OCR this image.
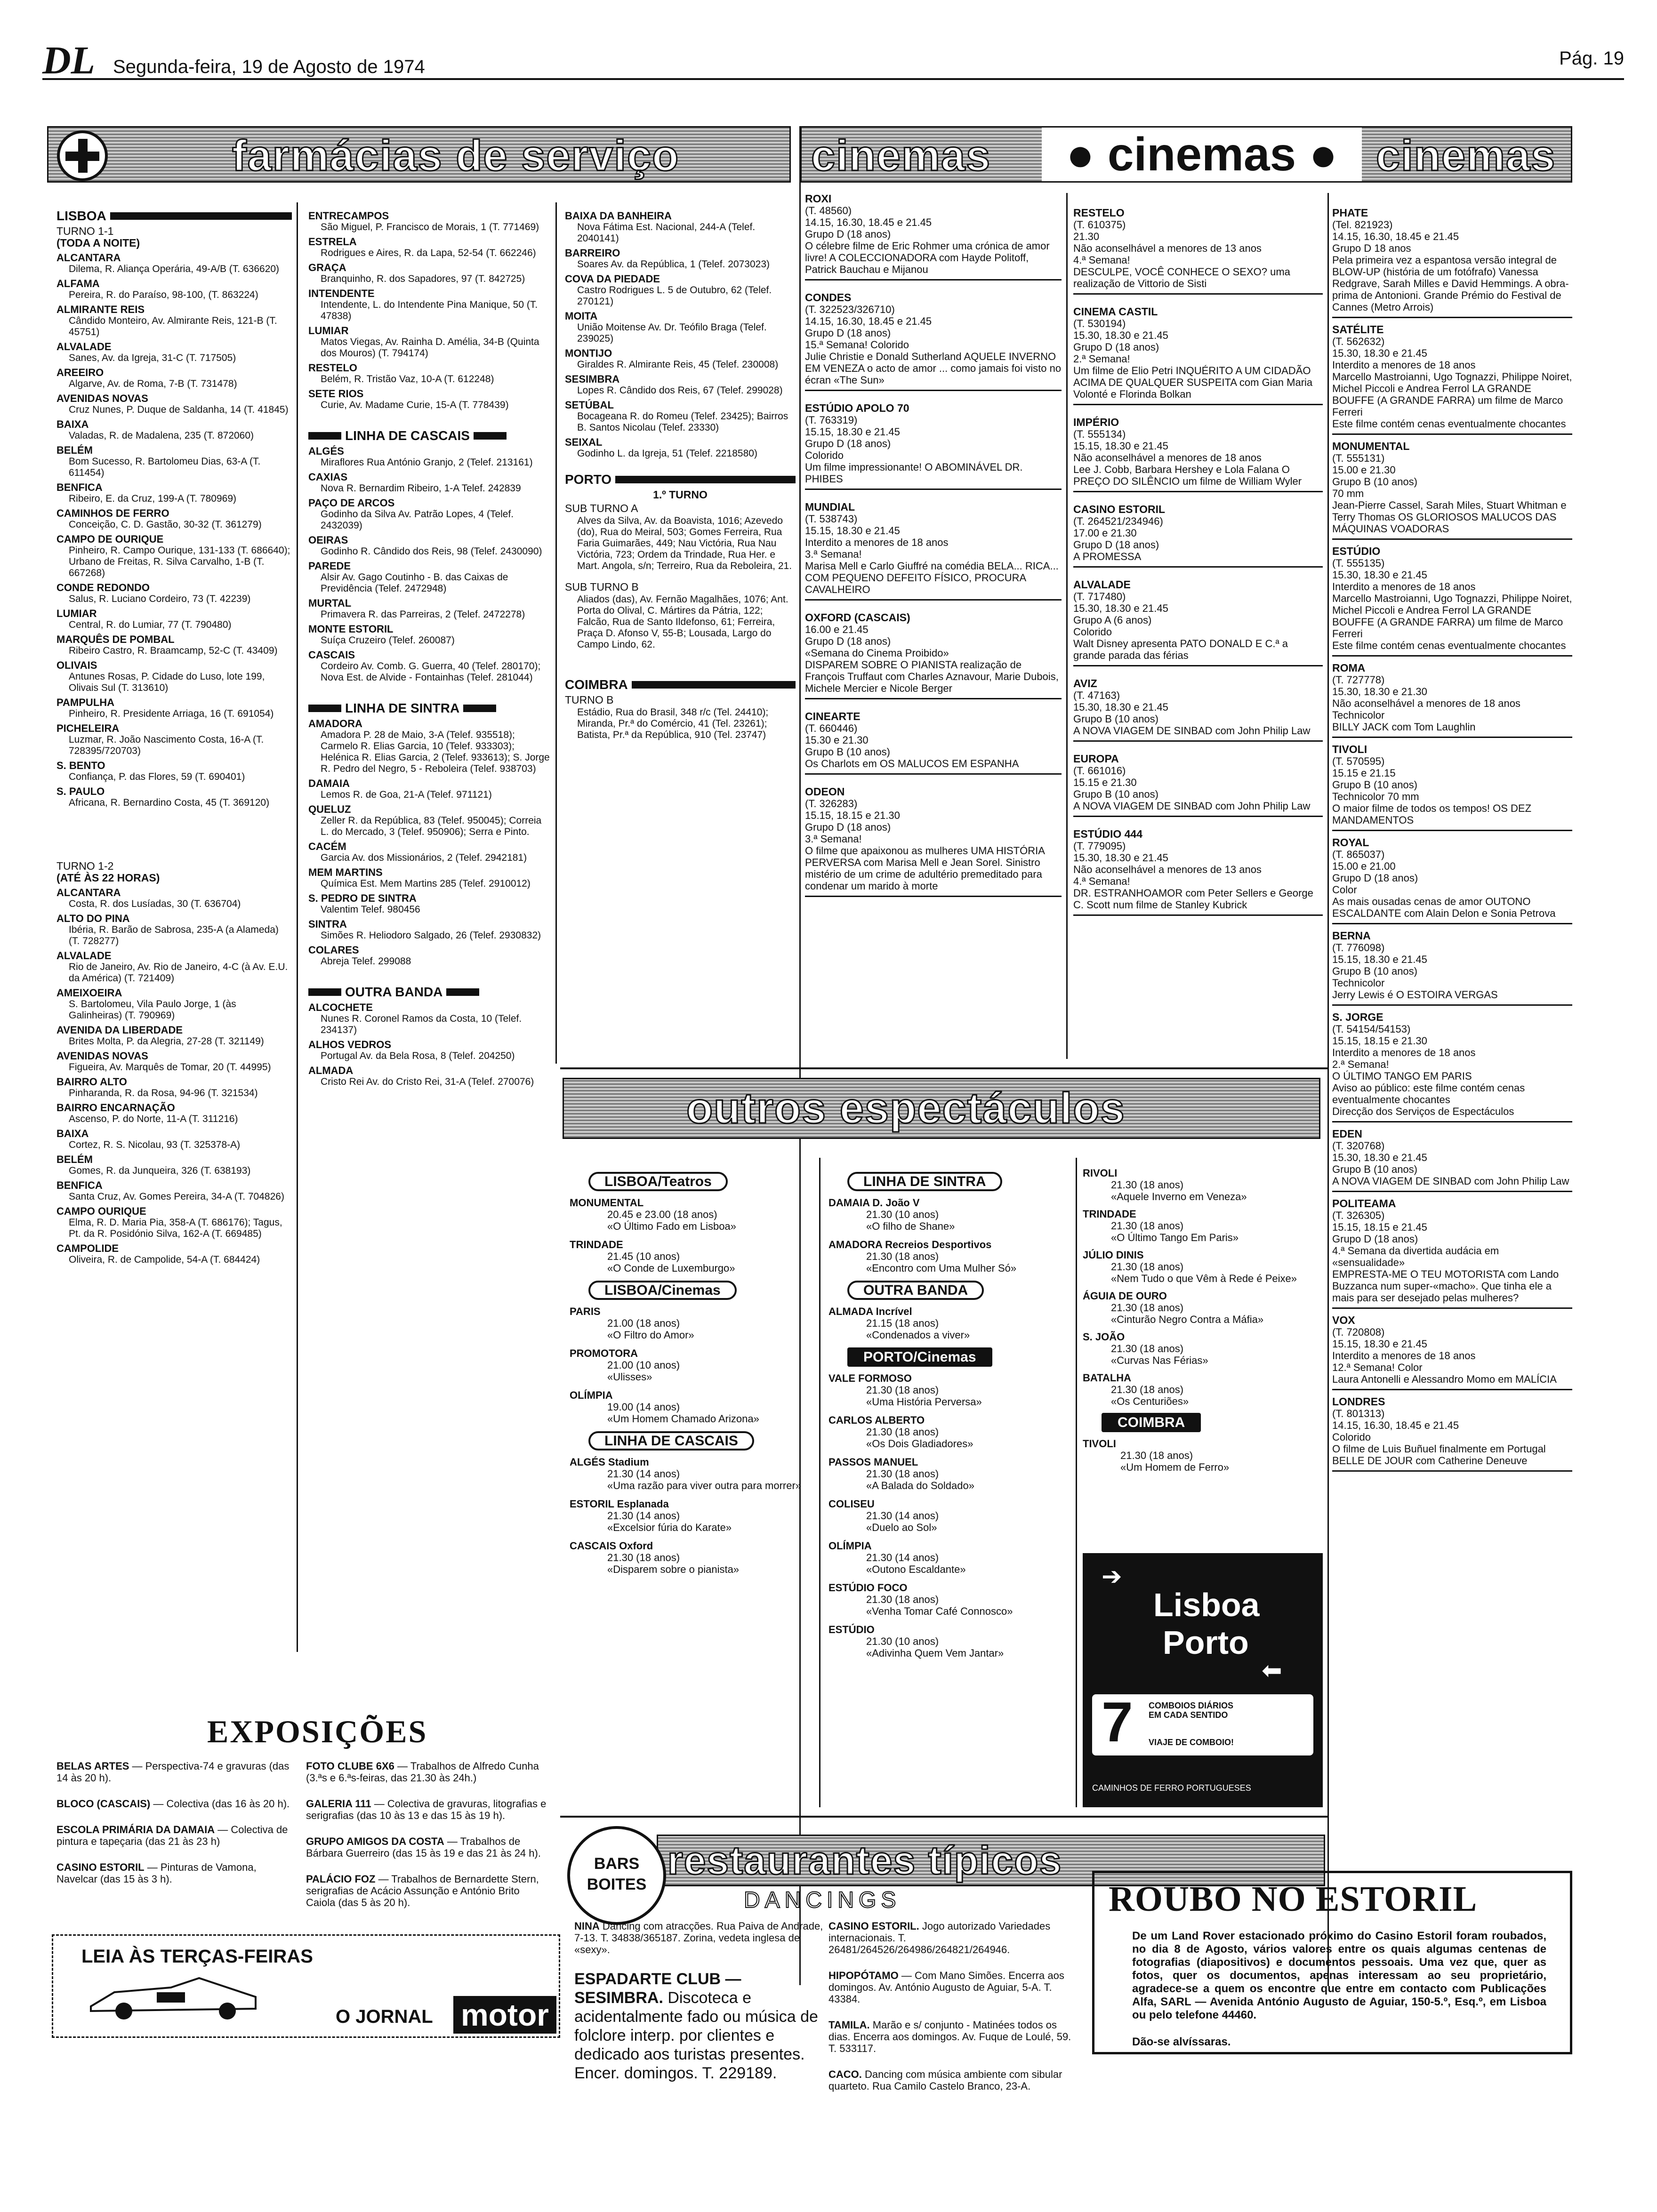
DL Segunda-feira, 19 de Agosto de 1974	Pág. 19
farmácias de serviço	cinemas	● cinemas ● cinemas
LISBOA
TURNO 1-1
(TODA A NOITE)
ALCANTARA
Dilema, R. Aliança Operária, 49-A/B (T. 636620)
ALFAMA
Pereira, R. do Paraíso, 98-100, (T. 863224)
ALMIRANTE REIS
Cândido Monteiro, Av. Almirante Reis, 121-B (T. 45751)
ALVALADE
Sanes, Av. da Igreja, 31-C (T. 717505)
AREEIRO
Algarve, Av. de Roma, 7-B (T. 731478)
AVENIDAS NOVAS
Cruz Nunes, P. Duque de Saldanha, 14 (T. 41845)
BAIXA
Valadas, R. de Madalena, 235 (T. 872060)
BELÉM
Bom Sucesso, R. Bartolomeu Dias, 63-A (T. 611454)
BENFICA
Ribeiro, E. da Cruz, 199-A (T. 780969)
CAMINHOS DE FERRO
Conceição, C. D. Gastão, 30-32 (T. 361279)
CAMPO DE OURIQUE
Pinheiro, R. Campo Ourique, 131-133 (T. 686640); Urbano de Freitas, R. Silva Carvalho, 1-B (T. 667268)
CONDE REDONDO
Salus, R. Luciano Cordeiro, 73 (T. 42239)
LUMIAR
Central, R. do Lumiar, 77 (T. 790480)
MARQUÊS DE POMBAL
Ribeiro Castro, R. Braamcamp, 52-C (T. 43409)
OLIVAIS
Antunes Rosas, P. Cidade do Luso, lote 199, Olivais Sul (T. 313610)
PAMPULHA
Pinheiro, R. Presidente Arriaga, 16 (T. 691054)
PICHELEIRA
Luzmar, R. João Nascimento Costa, 16-A (T. 728395/720703)
S. BENTO
Confiança, P. das Flores, 59 (T. 690401)
S. PAULO
Africana, R. Bernardino Costa, 45 (T. 369120)
TURNO 1-2
(ATÉ ÀS 22 HORAS)
ALCANTARA
Costa, R. dos Lusíadas, 30 (T. 636704)
ALTO DO PINA
Ibéria, R. Barão de Sabrosa, 235-A (a Alameda) (T. 728277)
ALVALADE
Rio de Janeiro, Av. Rio de Janeiro, 4-C (à Av. E.U. da América) (T. 721409)
AMEIXOEIRA
S. Bartolomeu, Vila Paulo Jorge, 1 (às Galinheiras) (T. 790969)
AVENIDA DA LIBERDADE
Brites Molta, P. da Alegria, 27-28 (T. 321149)
AVENIDAS NOVAS
Figueira, Av. Marquês de Tomar, 20 (T. 44995)
BAIRRO ALTO
Pinharanda, R. da Rosa, 94-96 (T. 321534)
BAIRRO ENCARNAÇÃO
Ascenso, P. do Norte, 11-A (T. 311216)
BAIXA
Cortez, R. S. Nicolau, 93 (T. 325378-A)
BELÉM
Gomes, R. da Junqueira, 326 (T. 638193)
BENFICA
Santa Cruz, Av. Gomes Pereira, 34-A (T. 704826)
CAMPO OURIQUE
Elma, R. D. Maria Pia, 358-A (T. 686176); Tagus, Pt. da R. Posidónio Silva, 162-A (T. 669485)
CAMPOLIDE
Oliveira, R. de Campolide, 54-A (T. 684424)
ENTRECAMPOS
São Miguel, P. Francisco de Morais, 1 (T. 771469)
ESTRELA
Rodrigues e Aires, R. da Lapa, 52-54 (T. 662246)
GRAÇA
Branquinho, R. dos Sapadores, 97 (T. 842725)
INTENDENTE
Intendente, L. do Intendente Pina Manique, 50 (T. 47838)
LUMIAR
Matos Viegas, Av. Rainha D. Amélia, 34-B (Quinta dos Mouros) (T. 794174)
RESTELO
Belém, R. Tristão Vaz, 10-A (T. 612248)
SETE RIOS
Curie, Av. Madame Curie, 15-A (T. 778439)
LINHA DE CASCAIS
ALGÉS
Miraflores Rua António Granjo, 2 (Telef. 213161)
CAXIAS
Nova R. Bernardim Ribeiro, 1-A Telef. 242839
PAÇO DE ARCOS
Godinho da Silva Av. Patrão Lopes, 4 (Telef. 2432039)
OEIRAS
Godinho R. Cândido dos Reis, 98 (Telef. 2430090)
PAREDE
Alsir Av. Gago Coutinho - B. das Caixas de Previdência (Telef. 2472948)
MURTAL
Primavera R. das Parreiras, 2 (Telef. 2472278)
MONTE ESTORIL
Suíça Cruzeiro (Telef. 260087)
CASCAIS
Cordeiro Av. Comb. G. Guerra, 40 (Telef. 280170); Nova Est. de Alvide - Fontainhas (Telef. 281044)
LINHA DE SINTRA
AMADORA
Amadora P. 28 de Maio, 3-A (Telef. 935518); Carmelo R. Elias Garcia, 10 (Telef. 933303); Helénica R. Elias Garcia, 2 (Telef. 933613); S. Jorge R. Pedro del Negro, 5 - Reboleira (Telef. 938703)
DAMAIA
Lemos R. de Goa, 21-A (Telef. 971121)
QUELUZ
Zeller R. da República, 83 (Telef. 950045); Correia L. do Mercado, 3 (Telef. 950906); Serra e Pinto.
CACÉM
Garcia Av. dos Missionários, 2 (Telef. 2942181)
MEM MARTINS
Química Est. Mem Martins 285 (Telef. 2910012)
S. PEDRO DE SINTRA
Valentim Telef. 980456
SINTRA
Simões R. Heliodoro Salgado, 26 (Telef. 2930832)
COLARES
Abreja Telef. 299088
OUTRA BANDA
ALCOCHETE
Nunes R. Coronel Ramos da Costa, 10 (Telef. 234137)
ALHOS VEDROS
Portugal Av. da Bela Rosa, 8 (Telef. 204250)
ALMADA
Cristo Rei Av. do Cristo Rei, 31-A (Telef. 270076)
BAIXA DA BANHEIRA
Nova Fátima Est. Nacional, 244-A (Telef. 2040141)
BARREIRO
Soares Av. da República, 1 (Telef. 2073023)
COVA DA PIEDADE
Castro Rodrigues L. 5 de Outubro, 62 (Telef. 270121)
MOITA
União Moitense Av. Dr. Teófilo Braga (Telef. 239025)
MONTIJO
Giraldes R. Almirante Reis, 45 (Telef. 230008)
SESIMBRA
Lopes R. Cândido dos Reis, 67 (Telef. 299028)
SETÚBAL
Bocageana R. do Romeu (Telef. 23425); Bairros B. Santos Nicolau (Telef. 23330)
SEIXAL
Godinho L. da Igreja, 51 (Telef. 2218580)
PORTO
1.º TURNO
SUB TURNO A
Alves da Silva, Av. da Boavista, 1016; Azevedo (do), Rua do Meiral, 503; Gomes Ferreira, Rua Faria Guimarães, 449; Nau Victória, Rua Nau Victória, 723; Ordem da Trindade, Rua Her. e Mart. Angola, s/n; Terreiro, Rua da Reboleira, 21.
SUB TURNO B
Aliados (das), Av. Fernão Magalhães, 1076; Ant. Porta do Olival, C. Mártires da Pátria, 122; Falcão, Rua de Santo Ildefonso, 61; Ferreira, Praça D. Afonso V, 55-B; Lousada, Largo do Campo Lindo, 62.
COIMBRA
TURNO B
Estádio, Rua do Brasil, 348 r/c (Tel. 24410); Miranda, Pr.ª do Comércio, 41 (Tel. 23261); Batista, Pr.ª da República, 910 (Tel. 23747)
ROXI
(T. 48560)
14.15, 16.30, 18.45 e 21.45
Grupo D (18 anos)
O célebre filme de Eric Rohmer uma crónica de amor livre! A COLECCIONADORA com Hayde Politoff, Patrick Bauchau e Mijanou
CONDES
(T. 322523/326710)
14.15, 16.30, 18.45 e 21.45
Grupo D (18 anos)
15.ª Semana! Colorido
Julie Christie e Donald Sutherland AQUELE INVERNO EM VENEZA o acto de amor ... como jamais foi visto no écran «The Sun»
ESTÚDIO APOLO 70
(T. 763319)
15.15, 18.30 e 21.45
Grupo D (18 anos)
Colorido
Um filme impressionante! O ABOMINÁVEL DR. PHIBES
MUNDIAL
(T. 538743)
15.15, 18.30 e 21.45
Interdito a menores de 18 anos
3.ª Semana!
Marisa Mell e Carlo Giuffré na comédia BELA... RICA... COM PEQUENO DEFEITO FÍSICO, PROCURA CAVALHEIRO
OXFORD (CASCAIS)
16.00 e 21.45
Grupo D (18 anos)
«Semana do Cinema Proibido»
DISPAREM SOBRE O PIANISTA realização de François Truffaut com Charles Aznavour, Marie Dubois, Michele Mercier e Nicole Berger
CINEARTE
(T. 660446)
15.30 e 21.30
Grupo B (10 anos)
Os Charlots em OS MALUCOS EM ESPANHA
ODEON
(T. 326283)
15.15, 18.15 e 21.30
Grupo D (18 anos)
3.ª Semana!
O filme que apaixonou as mulheres UMA HISTÓRIA PERVERSA com Marisa Mell e Jean Sorel. Sinistro mistério de um crime de adultério premeditado para condenar um marido à morte
RESTELO
(T. 610375)
21.30
Não aconselhável a menores de 13 anos
4.ª Semana!
DESCULPE, VOCÊ CONHECE O SEXO? uma realização de Vittorio de Sisti
CINEMA CASTIL
(T. 530194)
15.30, 18.30 e 21.45
Grupo D (18 anos)
2.ª Semana!
Um filme de Elio Petri INQUÉRITO A UM CIDADÃO ACIMA DE QUALQUER SUSPEITA com Gian Maria Volonté e Florinda Bolkan
IMPÉRIO
(T. 555134)
15.15, 18.30 e 21.45
Não aconselhável a menores de 18 anos
Lee J. Cobb, Barbara Hershey e Lola Falana O PREÇO DO SILÊNCIO um filme de William Wyler
CASINO ESTORIL
(T. 264521/234946)
17.00 e 21.30
Grupo D (18 anos)
A PROMESSA
ALVALADE
(T. 717480)
15.30, 18.30 e 21.45
Grupo A (6 anos)
Colorido
Walt Disney apresenta PATO DONALD E C.ª a grande parada das férias
AVIZ
(T. 47163)
15.30, 18.30 e 21.45
Grupo B (10 anos)
A NOVA VIAGEM DE SINBAD com John Philip Law
EUROPA
(T. 661016)
15.15 e 21.30
Grupo B (10 anos)
A NOVA VIAGEM DE SINBAD com John Philip Law
ESTÚDIO 444
(T. 779095)
15.30, 18.30 e 21.45
Não aconselhável a menores de 13 anos
4.ª Semana!
DR. ESTRANHOAMOR com Peter Sellers e George C. Scott num filme de Stanley Kubrick
PHATE
(Tel. 821923)
14.15, 16.30, 18.45 e 21.45
Grupo D 18 anos
Pela primeira vez a espantosa versão integral de BLOW-UP (história de um fotófrafo) Vanessa Redgrave, Sarah Milles e David Hemmings. A obra-prima de Antonioni. Grande Prémio do Festival de Cannes (Metro Arrois)
SATÉLITE
(T. 562632)
15.30, 18.30 e 21.45
Interdito a menores de 18 anos
Marcello Mastroianni, Ugo Tognazzi, Philippe Noiret, Michel Piccoli e Andrea Ferrol LA GRANDE BOUFFE (A GRANDE FARRA) um filme de Marco Ferreri
Este filme contém cenas eventualmente chocantes
MONUMENTAL
(T. 555131)
15.00 e 21.30
Grupo B (10 anos)
70 mm
Jean-Pierre Cassel, Sarah Miles, Stuart Whitman e Terry Thomas OS GLORIOSOS MALUCOS DAS MÁQUINAS VOADORAS
ESTÚDIO
(T. 555135)
15.30, 18.30 e 21.45
Interdito a menores de 18 anos
Marcello Mastroianni, Ugo Tognazzi, Philippe Noiret, Michel Piccoli e Andrea Ferrol LA GRANDE BOUFFE (A GRANDE FARRA) um filme de Marco Ferreri
Este filme contém cenas eventualmente chocantes
ROMA
(T. 727778)
15.30, 18.30 e 21.30
Não aconselhável a menores de 18 anos
Technicolor
BILLY JACK com Tom Laughlin
TIVOLI
(T. 570595)
15.15 e 21.15
Grupo B (10 anos)
Technicolor 70 mm
O maior filme de todos os tempos! OS DEZ MANDAMENTOS
ROYAL
(T. 865037)
15.00 e 21.00
Grupo D (18 anos)
Color
As mais ousadas cenas de amor OUTONO ESCALDANTE com Alain Delon e Sonia Petrova
BERNA
(T. 776098)
15.15, 18.30 e 21.45
Grupo B (10 anos)
Technicolor
Jerry Lewis é O ESTOIRA VERGAS
S. JORGE
(T. 54154/54153)
15.15, 18.15 e 21.30
Interdito a menores de 18 anos
2.ª Semana!
O ÚLTIMO TANGO EM PARIS
Aviso ao público: este filme contém cenas eventualmente chocantes
Direcção dos Serviços de Espectáculos
EDEN
(T. 320768)
15.30, 18.30 e 21.45
Grupo B (10 anos)
A NOVA VIAGEM DE SINBAD com John Philip Law
POLITEAMA
(T. 326305)
15.15, 18.15 e 21.45
Grupo D (18 anos)
4.ª Semana da divertida audácia em «sensualidade»
EMPRESTA-ME O TEU MOTORISTA com Lando Buzzanca num super-«macho». Que tinha ele a mais para ser desejado pelas mulheres?
VOX
(T. 720808)
15.15, 18.30 e 21.45
Interdito a menores de 18 anos
12.ª Semana! Color
Laura Antonelli e Alessandro Momo em MALÍCIA
LONDRES
(T. 801313)
14.15, 16.30, 18.45 e 21.45
Colorido
O filme de Luis Buñuel finalmente em Portugal BELLE DE JOUR com Catherine Deneuve
outros espectáculos
LISBOA/Teatros
MONUMENTAL
20.45 e 23.00 (18 anos)
«O Último Fado em Lisboa»
TRINDADE
21.45 (10 anos)
«O Conde de Luxemburgo»
LISBOA/Cinemas
PARIS
21.00 (18 anos)
«O Filtro do Amor»
PROMOTORA
21.00 (10 anos)
«Ulisses»
OLÍMPIA
19.00 (14 anos)
«Um Homem Chamado Arizona»
LINHA DE CASCAIS
ALGÉS Stadium
21.30 (14 anos)
«Uma razão para viver outra para morrer»
ESTORIL Esplanada
21.30 (14 anos)
«Excelsior fúria do Karate»
CASCAIS Oxford
21.30 (18 anos)
«Disparem sobre o pianista»
LINHA DE SINTRA
DAMAIA D. João V
21.30 (10 anos)
«O filho de Shane»
AMADORA Recreios Desportivos
21.30 (18 anos)
«Encontro com Uma Mulher Só»
OUTRA BANDA
ALMADA Incrível
21.15 (18 anos)
«Condenados a viver»
PORTO/Cinemas
VALE FORMOSO
21.30 (18 anos)
«Uma História Perversa»
CARLOS ALBERTO
21.30 (18 anos)
«Os Dois Gladiadores»
PASSOS MANUEL
21.30 (18 anos)
«A Balada do Soldado»
COLISEU
21.30 (14 anos)
«Duelo ao Sol»
OLÍMPIA
21.30 (14 anos)
«Outono Escaldante»
ESTÚDIO FOCO
21.30 (18 anos)
«Venha Tomar Café Connosco»
ESTÚDIO
21.30 (10 anos)
«Adivinha Quem Vem Jantar»
RIVOLI
21.30 (18 anos)
«Aquele Inverno em Veneza»
TRINDADE
21.30 (18 anos)
«O Último Tango Em Paris»
JÚLIO DINIS
21.30 (18 anos)
«Nem Tudo o que Vêm à Rede é Peixe»
ÁGUIA DE OURO
21.30 (18 anos)
«Cinturão Negro Contra a Máfia»
S. JOÃO
21.30 (18 anos)
«Curvas Nas Férias»
BATALHA
21.30 (18 anos)
«Os Centuriões»
COIMBRA
TIVOLI
21.30 (18 anos)
«Um Homem de Ferro»
➔
Lisboa
Porto
⬅
7 COMBOIOS DIÁRIOS EM CADA SENTIDO
VIAJE DE COMBOIO!
CAMINHOS DE FERRO PORTUGUESES
EXPOSIÇÕES
BELAS ARTES — Perspectiva-74 e gravuras (das 14 às 20 h).
BLOCO (CASCAIS) — Colectiva (das 16 às 20 h).
ESCOLA PRIMÁRIA DA DAMAIA — Colectiva de pintura e tapeçaria (das 21 às 23 h)
CASINO ESTORIL — Pinturas de Vamona, Navelcar (das 15 às 3 h).
FOTO CLUBE 6X6 — Trabalhos de Alfredo Cunha (3.ªs e 6.ªs-feiras, das 21.30 às 24h.)
GALERIA 111 — Colectiva de gravuras, litografias e serigrafias (das 10 às 13 e das 15 às 19 h).
GRUPO AMIGOS DA COSTA — Trabalhos de Bárbara Guerreiro (das 15 às 19 e das 21 às 24 h).
PALÁCIO FOZ — Trabalhos de Bernardette Stern, serigrafias de Acácio Assunção e António Brito Caiola (das 5 às 20 h).
LEIA ÀS TERÇAS-FEIRAS
O JORNAL motor
restaurantes típicos
BARS
BOITES
DANCINGS
NINA Dancing com atracções. Rua Paiva de Andrade, 7-13. T. 34838/365187. Zorina, vedeta inglesa de «sexy».
ESPADARTE CLUB — SESIMBRA. Discoteca e acidentalmente fado ou música de folclore interp. por clientes e dedicado aos turistas presentes. Encer. domingos. T. 229189.
CASINO ESTORIL. Jogo autorizado Variedades internacionais. T. 26481/264526/264986/264821/264946.
HIPOPÓTAMO — Com Mano Simões. Encerra aos domingos. Av. António Augusto de Aguiar, 5-A. T. 43384.
TAMILA. Marão e s/ conjunto - Matinées todos os dias. Encerra aos domingos. Av. Fuque de Loulé, 59. T. 533117.
CACO. Dancing com música ambiente com sibular quarteto. Rua Camilo Castelo Branco, 23-A.
ROUBO NO ESTORIL
De um Land Rover estacionado próximo do Casino Estoril foram roubados, no dia 8 de Agosto, vários valores entre os quais algumas centenas de fotografias (diapositivos) e documentos pessoais. Uma vez que, quer as fotos, quer os documentos, apenas interessam ao seu proprietário, agradece-se a quem os encontre que entre em contacto com Publicações Alfa, SARL — Avenida António Augusto de Aguiar, 150-5.º, Esq.º, em Lisboa ou pelo telefone 44460.
Dão-se alvíssaras.
